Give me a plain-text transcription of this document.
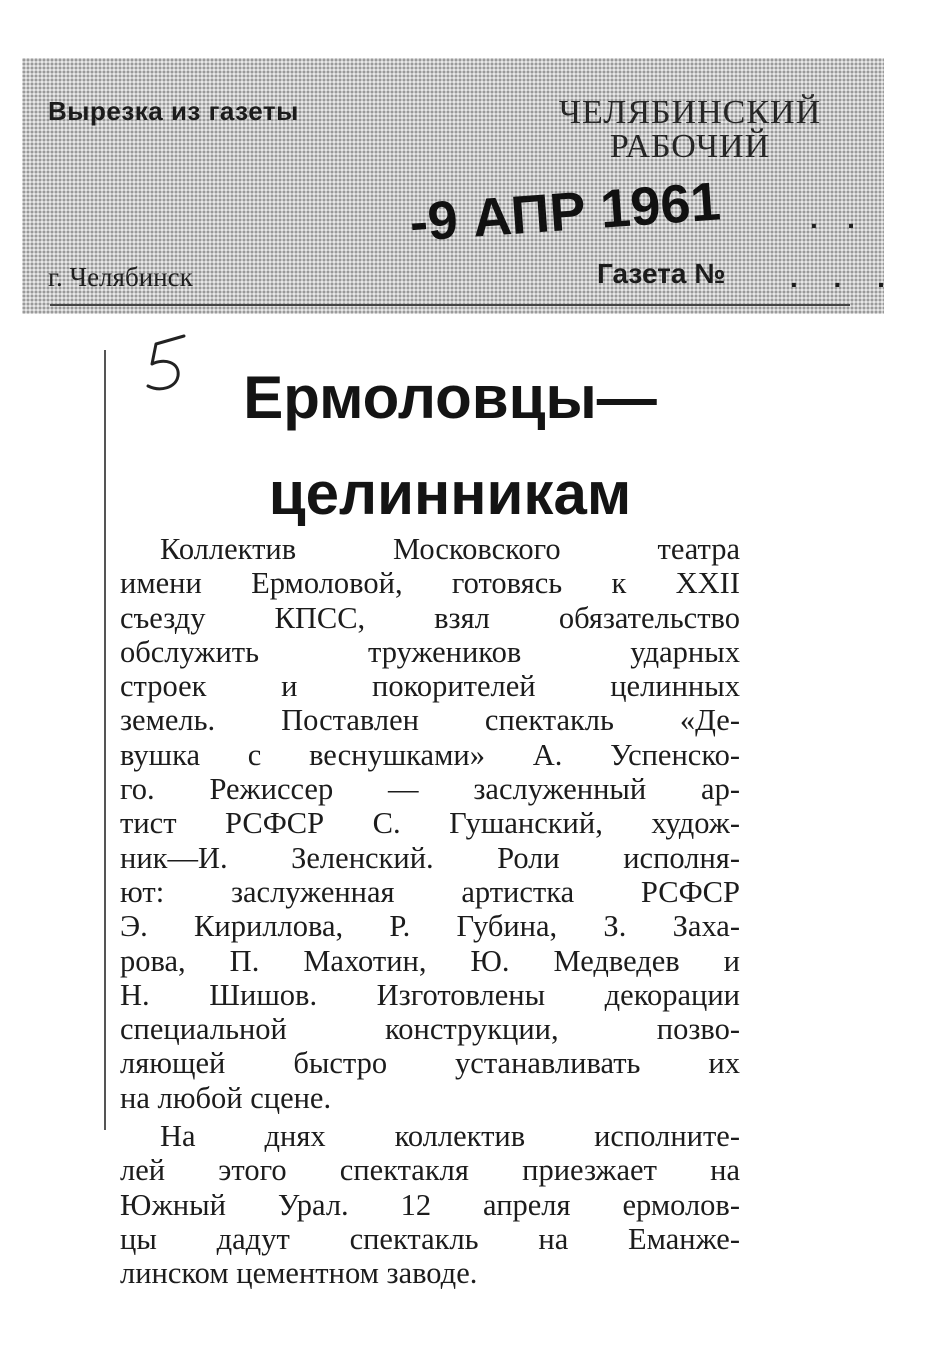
Вырезка из газеты	ЧЕЛЯБИНСКИЙ
РАБОЧИЙ
-9 АПР 1961	· ·
г. Челябинск	Газета № . . .
Ермоловцы—
целинникам
Коллектив Московского театра
имени Ермоловой, готовясь к XXII
съезду КПСС, взял обязательство
обслужить тружеников ударных
строек и покорителей целинных
земель. Поставлен спектакль «Де-
вушка с веснушками» А. Успенско-
го. Режиссер — заслуженный ар-
тист РСФСР С. Гушанский, худож-
ник—И. Зеленский. Роли исполня-
ют: заслуженная артистка РСФСР
Э. Кириллова, Р. Губина, З. Заха-
рова, П. Махотин, Ю. Медведев и
Н. Шишов. Изготовлены декорации
специальной конструкции, позво-
ляющей быстро устанавливать их
на любой сцене.
На днях коллектив исполните-
лей этого спектакля приезжает на
Южный Урал. 12 апреля ермолов-
цы дадут спектакль на Еманже-
линском цементном заводе.
